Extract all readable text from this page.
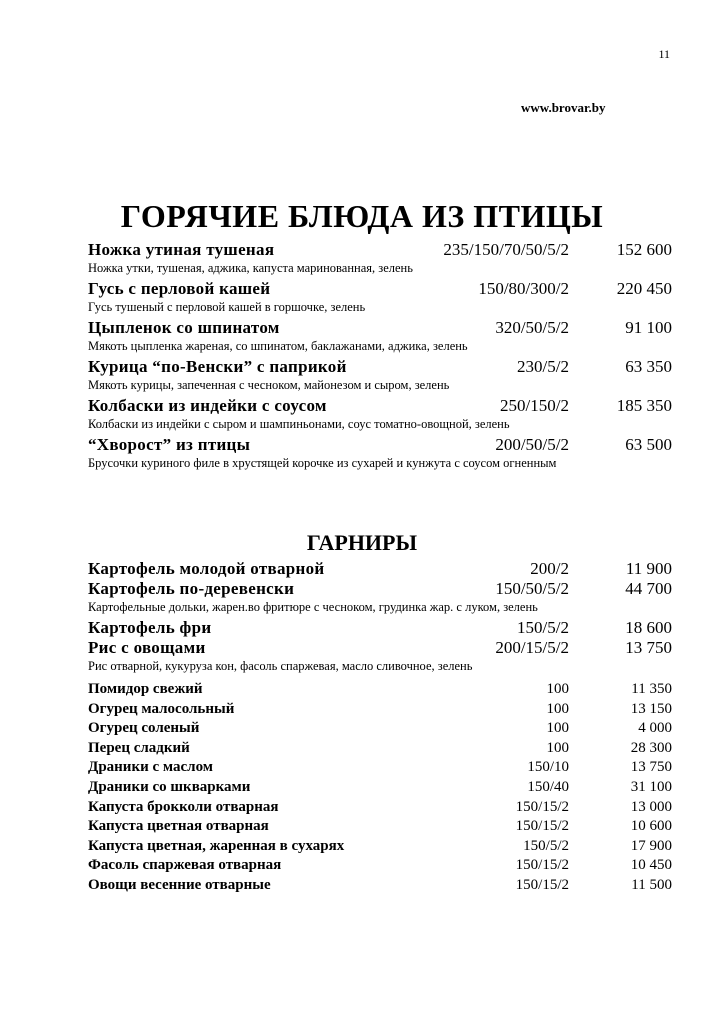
11
www.brovar.by
ГОРЯЧИЕ БЛЮДА ИЗ ПТИЦЫ
Ножка утиная тушеная	235/150/70/50/5/2	152 600
Ножка утки, тушеная, аджика, капуста маринованная, зелень
Гусь с перловой кашей	150/80/300/2	220 450
Гусь тушеный с перловой кашей в горшочке, зелень
Цыпленок со шпинатом	320/50/5/2	91 100
Мякоть цыпленка жареная, со шпинатом, баклажанами, аджика, зелень
Курица “по-Венски” с паприкой	230/5/2	63 350
Мякоть курицы, запеченная с чесноком, майонезом и сыром, зелень
Колбаски из индейки с соусом	250/150/2	185 350
Колбаски из индейки с сыром и шампиньонами, соус томатно-овощной, зелень
“Хворост” из птицы	200/50/5/2	63 500
Брусочки куриного филе в хрустящей корочке из сухарей и кунжута с соусом огненным
ГАРНИРЫ
Картофель молодой отварной	200/2	11 900
Картофель по-деревенски	150/50/5/2	44 700
Картофельные дольки, жарен.во фритюре с чесноком, грудинка жар. с луком, зелень
Картофель фри	150/5/2	18 600
Рис с овощами	200/15/5/2	13 750
Рис отварной, кукуруза кон, фасоль спаржевая, масло сливочное, зелень
Помидор свежий	100	11 350
Огурец малосольный	100	13 150
Огурец соленый	100	4 000
Перец сладкий	100	28 300
Драники с маслом	150/10	13 750
Драники со шкварками	150/40	31 100
Капуста брокколи отварная	150/15/2	13 000
Капуста цветная отварная	150/15/2	10 600
Капуста цветная, жаренная в сухарях	150/5/2	17 900
Фасоль спаржевая отварная	150/15/2	10 450
Овощи весенние отварные	150/15/2	11 500
